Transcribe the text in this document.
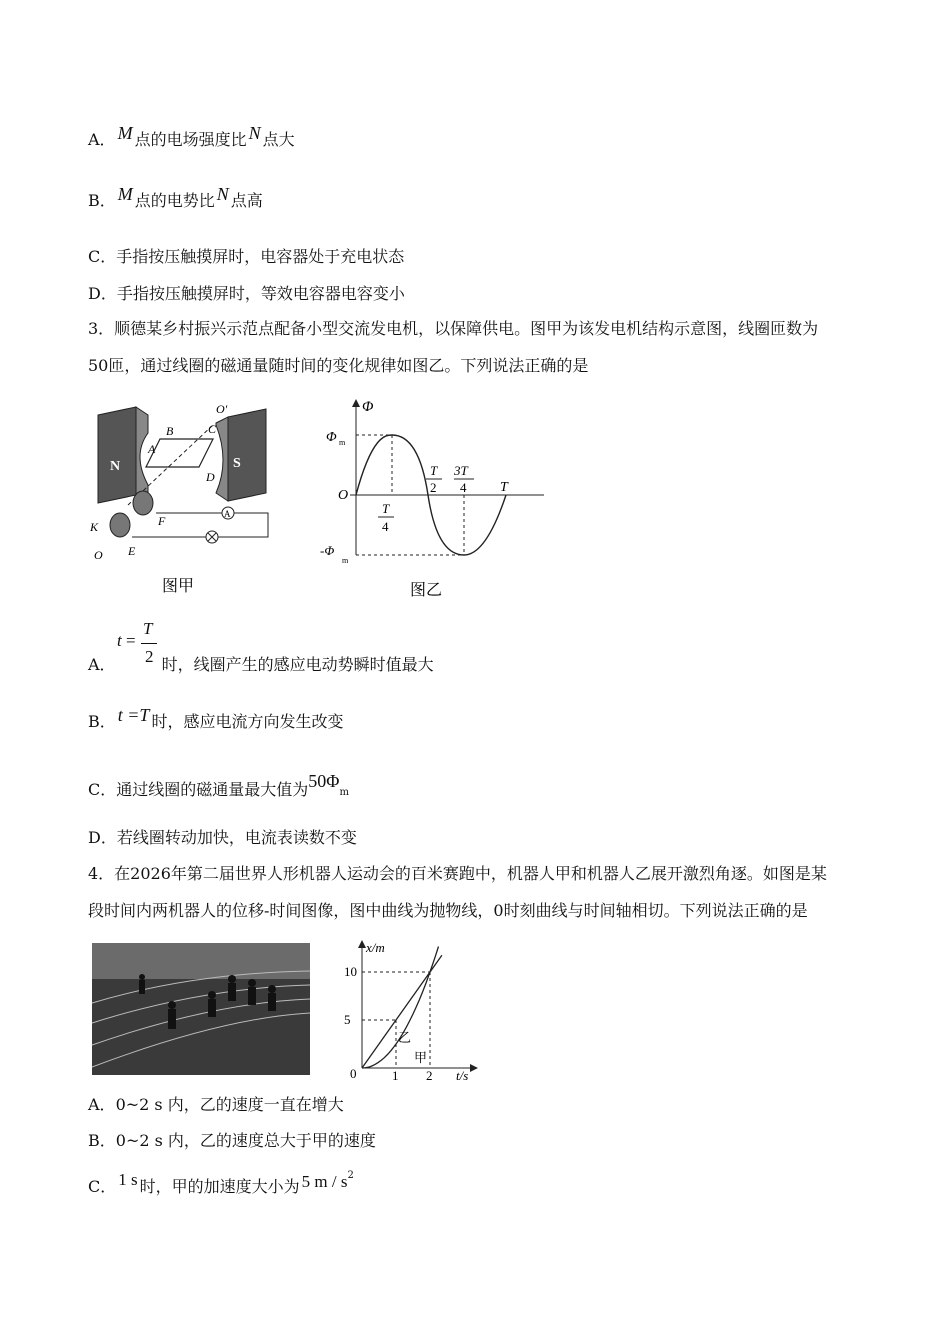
A． M 点的电场强度比 N 点大
B． M 点的电势比 N 点高
C．手指按压触摸屏时，电容器处于充电状态
D．手指按压触摸屏时，等效电容器电容变小
3．顺德某乡村振兴示范点配备小型交流发电机，以保障供电。图甲为该发电机结构示意图，线圈匝数为
50匝，通过线圈的磁通量随时间的变化规律如图乙。下列说法正确的是
N	S
A
B	C
D
O′
K
O E
F	A
图甲
Φ
Φ m
-Φ
m
O
T
4
T
2
3T
4 T
图乙
t =
T
2
A．	时，线圈产生的感应电动势瞬时值最大
B． t =T 时，感应电流方向发生改变
C．通过线圈的磁通量最大值为50Φm
D．若线圈转动加快，电流表读数不变
4．在2026年第二届世界人形机器人运动会的百米赛跑中，机器人甲和机器人乙展开激烈角逐。如图是某
段时间内两机器人的位移-时间图像，图中曲线为抛物线，0时刻曲线与时间轴相切。下列说法正确的是
x/m
t/s
0
5
10
1 2
乙
甲
A．0~2 s 内，乙的速度一直在增大
B．0~2 s 内，乙的速度总大于甲的速度
C． 1 s 时，甲的加速度大小为 5 m / $s^2$
